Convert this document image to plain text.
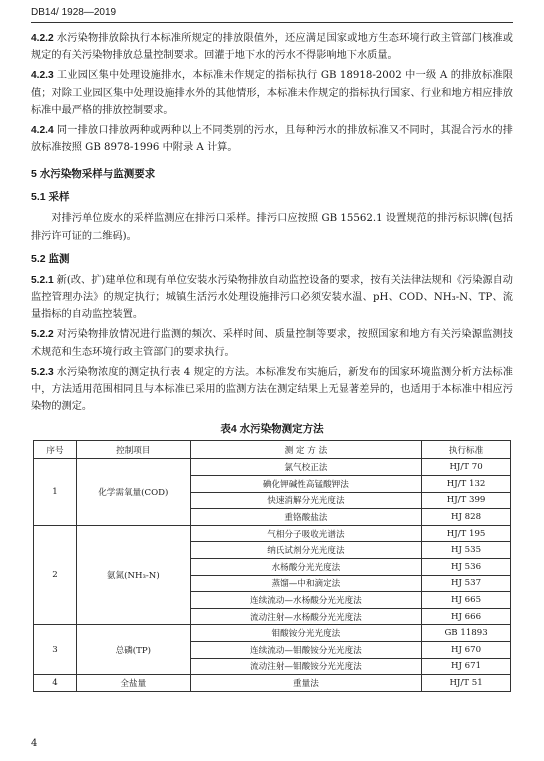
DB14/ 1928—2019

4.2.2 水污染物排放除执行本标准所规定的排放限值外，还应满足国家或地方生态环境行政主管部门核准或规定的有关污染物排放总量控制要求。回灌于地下水的污水不得影响地下水质量。

4.2.3 工业园区集中处理设施排水，本标准未作规定的指标执行 GB 18918-2002 中一级 A 的排放标准限值；对除工业园区集中处理设施排水外的其他情形，本标准未作规定的指标执行国家、行业和地方相应排放标准中最严格的排放控制要求。

4.2.4 同一排放口排放两种或两种以上不同类别的污水，且每种污水的排放标准又不同时，其混合污水的排放标准按照 GB 8978-1996 中附录 A 计算。

5 水污染物采样与监测要求
5.1 采样

对排污单位废水的采样监测应在排污口采样。排污口应按照 GB 15562.1 设置规范的排污标识牌(包括排污许可证的二维码)。

5.2 监测

5.2.1 新(改、扩)建单位和现有单位安装水污染物排放自动监控设备的要求，按有关法律法规和《污染源自动监控管理办法》的规定执行；城镇生活污水处理设施排污口必须安装水温、pH、COD、NH₃-N、TP、流量指标的自动监控装置。

5.2.2 对污染物排放情况进行监测的频次、采样时间、质量控制等要求，按照国家和地方有关污染源监测技术规范和生态环境行政主管部门的要求执行。

5.2.3 水污染物浓度的测定执行表 4 规定的方法。本标准发布实施后，新发布的国家环境监测分析方法标准中，方法适用范围相同且与本标准已采用的监测方法在测定结果上无显著差异的，也适用于本标准中相应污染物的测定。

表4 水污染物测定方法
序号	控制项目	测 定 方 法	执行标准
1	化学需氧量(COD)	氯气校正法	HJ/T 70
		碘化钾碱性高锰酸钾法	HJ/T 132
		快速消解分光光度法	HJ/T 399
		重铬酸盐法	HJ 828
2	氨氮(NH₃-N)	气相分子吸收光谱法	HJ/T 195
		纳氏试剂分光光度法	HJ 535
		水杨酸分光光度法	HJ 536
		蒸馏—中和滴定法	HJ 537
		连续流动—水杨酸分光光度法	HJ 665
		流动注射—水杨酸分光光度法	HJ 666
3	总磷(TP)	钼酸铵分光光度法	GB 11893
		连续流动—钼酸铵分光光度法	HJ 670
		流动注射—钼酸铵分光光度法	HJ 671
4	全盐量	重量法	HJ/T 51
4
